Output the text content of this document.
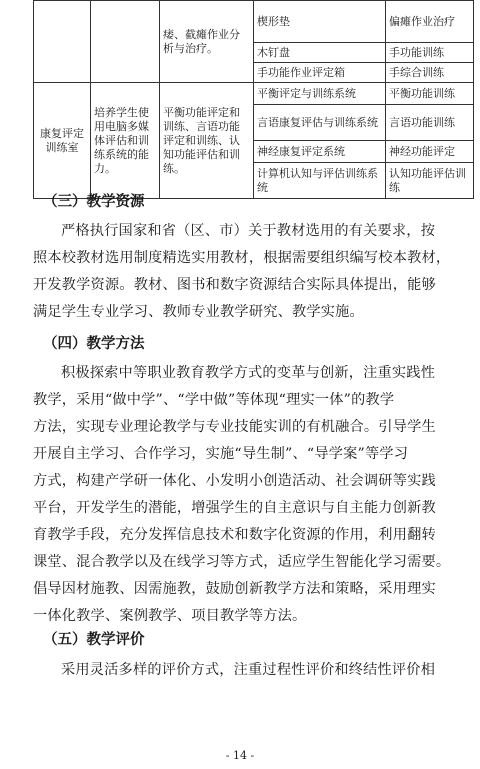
		痿、截瘫作业分析与治疗。	楔形垫	偏瘫作业治疗
			木钉盘	手功能训练
			手功能作业评定箱	手综合训练
康复评定训练室	培养学生使用电脑多媒体评估和训练系统的能力。	平衡功能评定和训练、言语功能评定和训练、认知功能评估和训练。	平衡评定与训练系统	平衡功能训练
			言语康复评估与训练系统	言语功能训练
			神经康复评定系统	神经功能评定
			计算机认知与评估训练系统	认知功能评估训练
（三）教学资源
严格执行国家和省（区、市）关于教材选用的有关要求，按
照本校教材选用制度精选实用教材，根据需要组织编写校本教材，
开发教学资源。教材、图书和数字资源结合实际具体提出，能够
满足学生专业学习、教师专业教学研究、教学实施。
（四）教学方法
积极探索中等职业教育教学方式的变革与创新，注重实践性
教学，采用“做中学”、“学中做”等体现“理实一体”的教学
方法，实现专业理论教学与专业技能实训的有机融合。引导学生
开展自主学习、合作学习，实施“导生制”、“导学案”等学习
方式，构建产学研一体化、小发明小创造活动、社会调研等实践
平台，开发学生的潜能，增强学生的自主意识与自主能力创新教
育教学手段，充分发挥信息技术和数字化资源的作用，利用翻转
课堂、混合教学以及在线学习等方式，适应学生智能化学习需要。
倡导因材施教、因需施教，鼓励创新教学方法和策略，采用理实
一体化教学、案例教学、项目教学等方法。
（五）教学评价
采用灵活多样的评价方式，注重过程性评价和终结性评价相
- 14 -
